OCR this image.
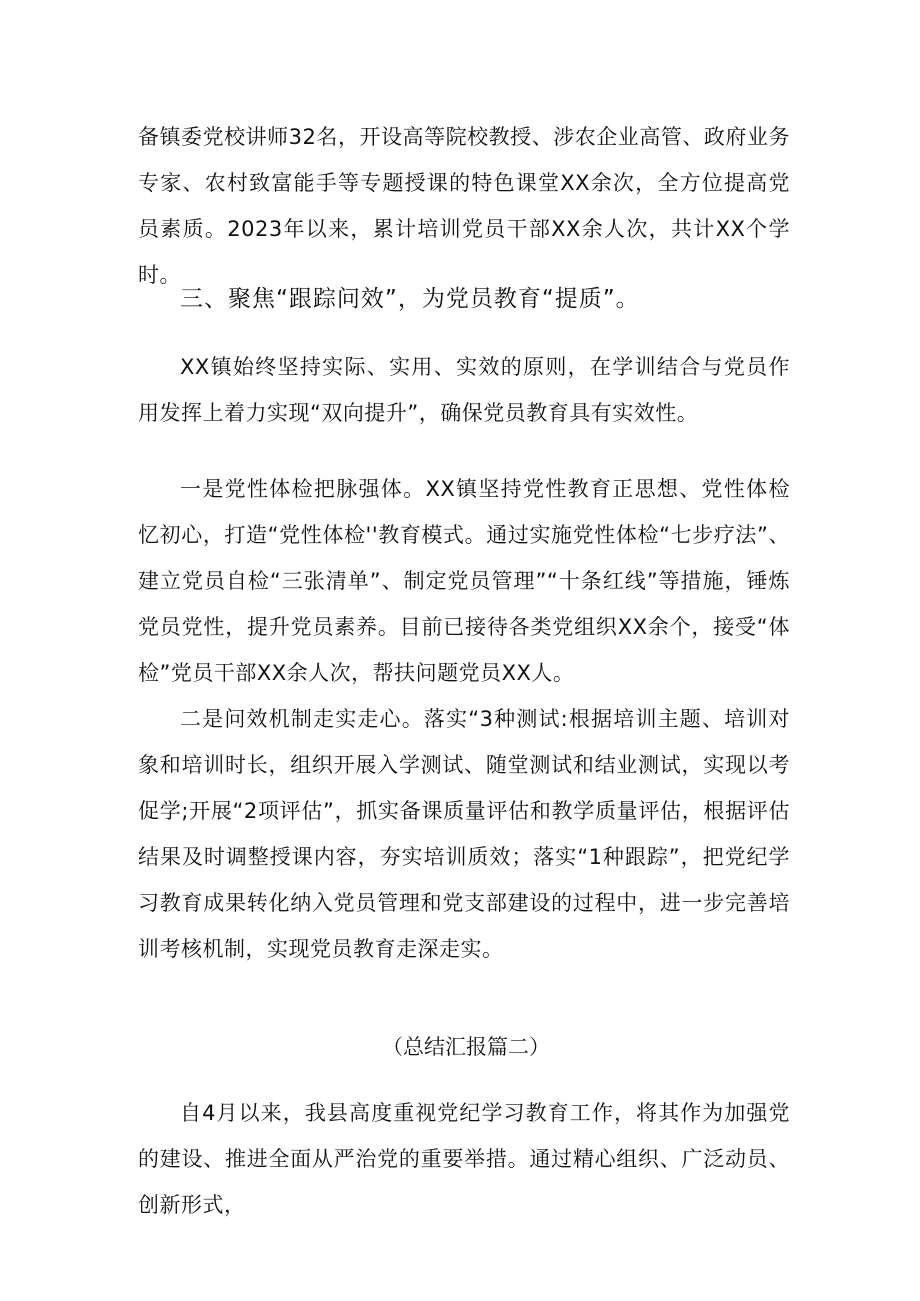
备镇委党校讲师32名，开设高等院校教授、涉农企业高管、政府业务专家、农村致富能手等专题授课的特色课堂XX余次，全方位提高党员素质。2023年以来，累计培训党员干部XX余人次，共计XX个学时。

三、聚焦“跟踪问效”，为党员教育“提质”。

XX镇始终坚持实际、实用、实效的原则，在学训结合与党员作用发挥上着力实现“双向提升”，确保党员教育具有实效性。

一是党性体检把脉强体。XX镇坚持党性教育正思想、党性体检忆初心，打造“党性体检''教育模式。通过实施党性体检“七步疗法”、建立党员自检“三张清单”、制定党员管理”“十条红线”等措施，锤炼党员党性，提升党员素养。目前已接待各类党组织XX余个，接受“体检”党员干部XX余人次，帮扶问题党员XX人。

二是问效机制走实走心。落实“3种测试:根据培训主题、培训对象和培训时长，组织开展入学测试、随堂测试和结业测试，实现以考促学;开展“2项评估”，抓实备课质量评估和教学质量评估，根据评估结果及时调整授课内容，夯实培训质效；落实“1种跟踪”，把党纪学习教育成果转化纳入党员管理和党支部建设的过程中，进一步完善培训考核机制，实现党员教育走深走实。

（总结汇报篇二）

自4月以来，我县高度重视党纪学习教育工作，将其作为加强党的建设、推进全面从严治党的重要举措。通过精心组织、广泛动员、创新形式，
